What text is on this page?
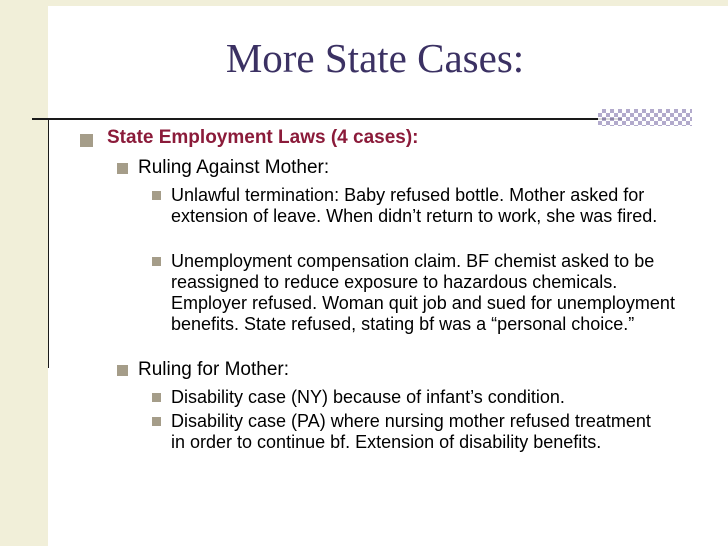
More State Cases:
State Employment Laws (4 cases):
Ruling Against Mother:
Unlawful termination: Baby refused bottle. Mother asked for extension of leave. When didn’t return to work, she was fired.
Unemployment compensation claim. BF chemist asked to be reassigned to reduce exposure to hazardous chemicals. Employer refused. Woman quit job and sued for unemployment benefits. State refused, stating bf was a “personal choice.”
Ruling for Mother:
Disability case (NY) because of infant’s condition.
Disability case (PA) where nursing mother refused treatment in order to continue bf. Extension of disability benefits.
